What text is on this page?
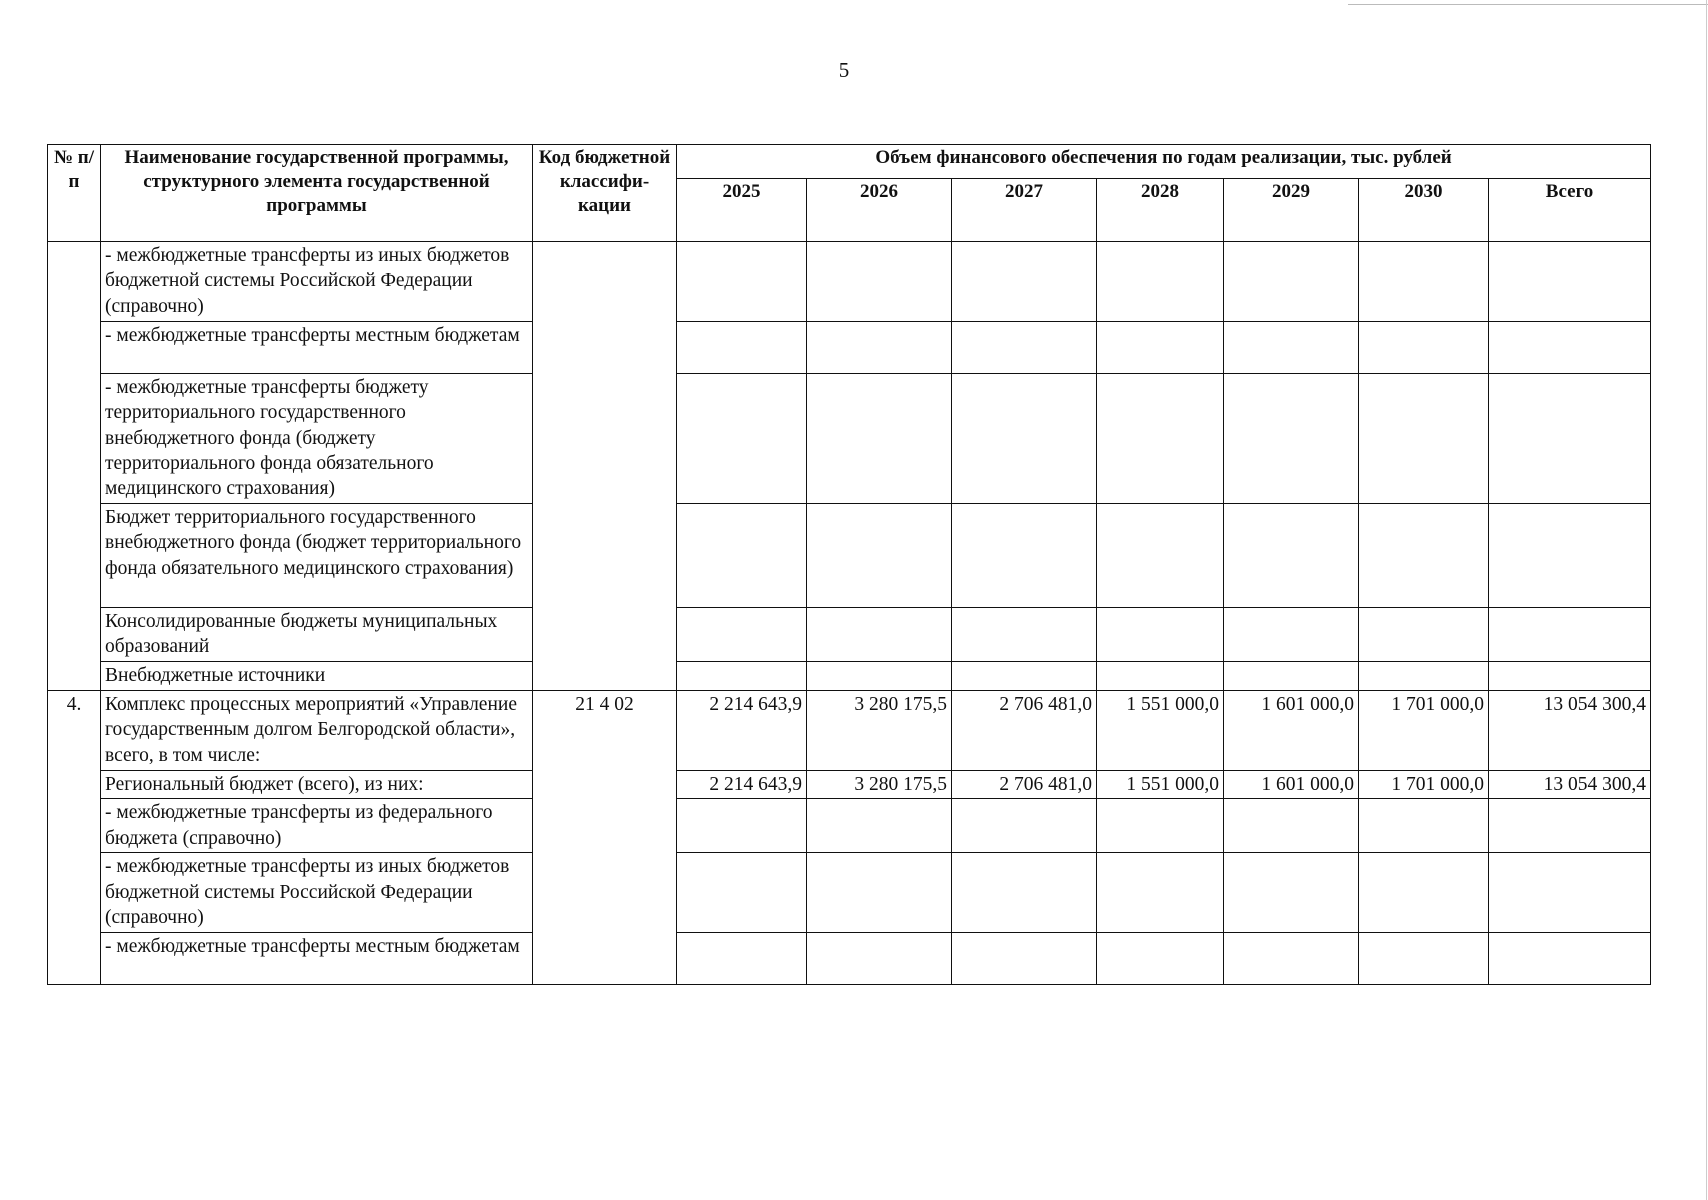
5
№ п/п	Наименование государственной программы, структурного элемента государственной программы	Код бюджетной классифи-кации	Объем финансового обеспечения по годам реализации, тыс. рублей						
			2025	2026	2027	2028	2029	2030	Всего
	- межбюджетные трансферты из иных бюджетов бюджетной системы Российской Федерации (справочно)								
	- межбюджетные трансферты местным бюджетам								
	- межбюджетные трансферты бюджету территориального государственного внебюджетного фонда (бюджету территориального фонда обязательного медицинского страхования)								
	Бюджет территориального государственного внебюджетного фонда (бюджет территориального фонда обязательного медицинского страхования)								
	Консолидированные бюджеты муниципальных образований								
	Внебюджетные источники								
4.	Комплекс процессных мероприятий «Управление государственным долгом Белгородской области», всего, в том числе:	21 4 02	2 214 643,9	3 280 175,5	2 706 481,0	1 551 000,0	1 601 000,0	1 701 000,0	13 054 300,4
	Региональный бюджет (всего), из них:		2 214 643,9	3 280 175,5	2 706 481,0	1 551 000,0	1 601 000,0	1 701 000,0	13 054 300,4
	- межбюджетные трансферты из федерального бюджета (справочно)								
	- межбюджетные трансферты из иных бюджетов бюджетной системы Российской Федерации (справочно)								
	- межбюджетные трансферты местным бюджетам								
